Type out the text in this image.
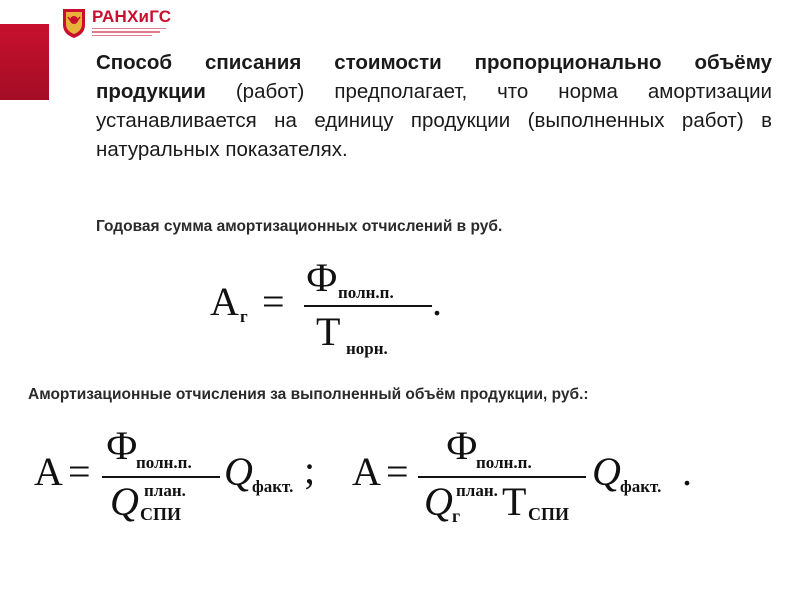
РАНХиГС
Способ списания стоимости пропорционально объёму продукции (работ) предполагает, что норма амортизации устанавливается на единицу продукции (выполненных работ) в натуральных показателях.
Годовая сумма амортизационных отчислений в руб.
А г =
Ф полн.п.
Т норн.
.
Амортизационные отчисления за выполненный объём продукции, руб.:
А =
Ф
полн.п.
Q план.
СПИ
Q факт. ; А =
Ф
полн.п.
Q план.
г Т СПИ
Q факт. .
